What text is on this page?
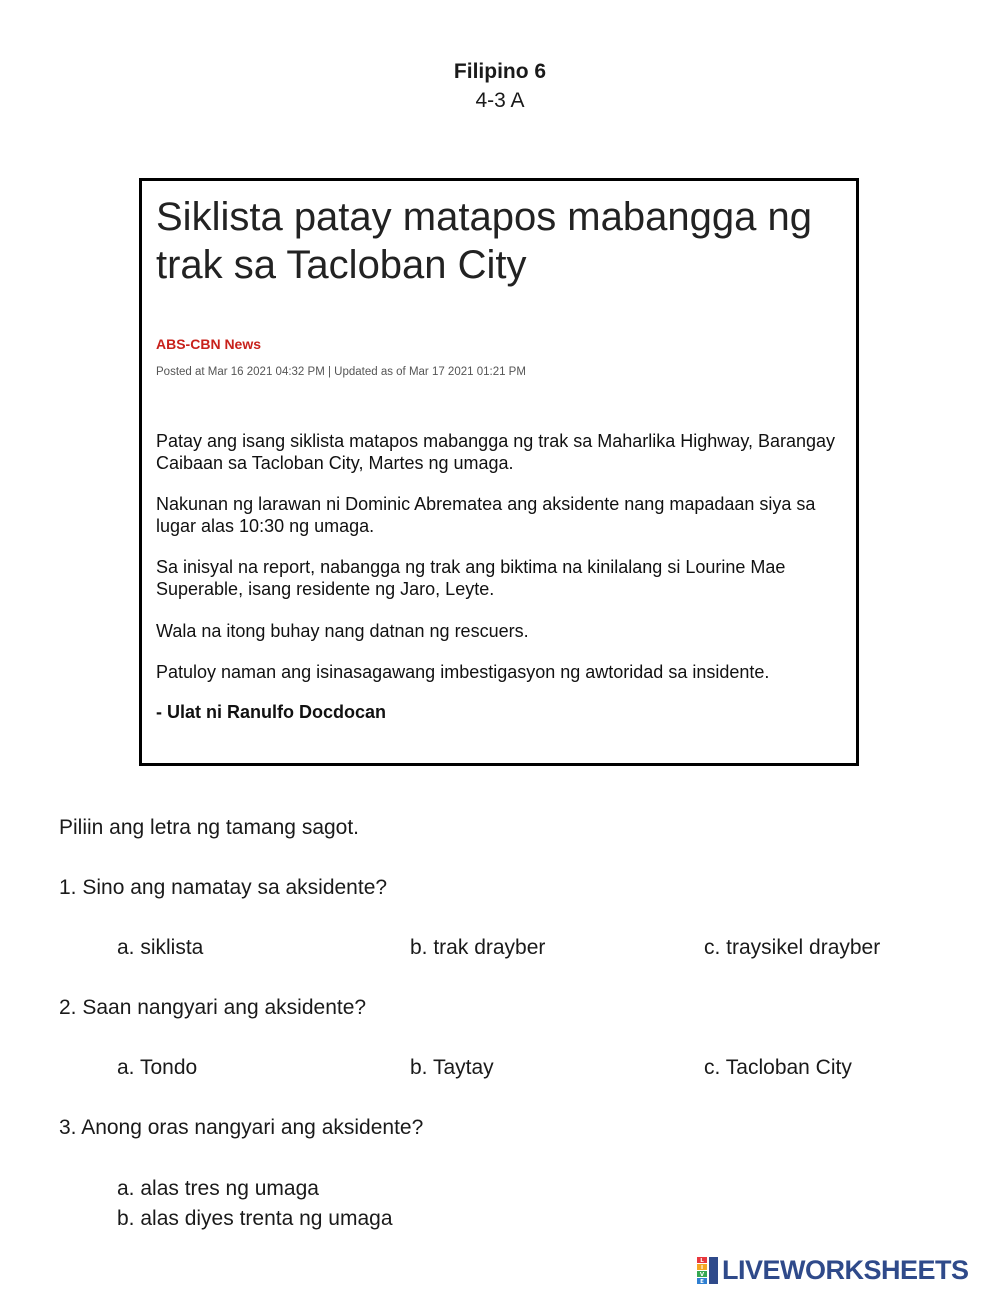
Filipino 6
4-3 A
Siklista patay matapos mabangga ng
trak sa Tacloban City
ABS-CBN News
Posted at Mar 16 2021 04:32 PM | Updated as of Mar 17 2021 01:21 PM

Patay ang isang siklista matapos mabangga ng trak sa Maharlika Highway, Barangay Caibaan sa Tacloban City, Martes ng umaga.

Nakunan ng larawan ni Dominic Abrematea ang aksidente nang mapadaan siya sa lugar alas 10:30 ng umaga.

Sa inisyal na report, nabangga ng trak ang biktima na kinilalang si Lourine Mae Superable, isang residente ng Jaro, Leyte.

Wala na itong buhay nang datnan ng rescuers.

Patuloy naman ang isinasagawang imbestigasyon ng awtoridad sa insidente.

- Ulat ni Ranulfo Docdocan

Piliin ang letra ng tamang sagot.
1. Sino ang namatay sa aksidente?
a. siklista	b. trak drayber	c. traysikel drayber
2. Saan nangyari ang aksidente?
a. Tondo	b. Taytay	c. Tacloban City
3. Anong oras nangyari ang aksidente?
a. alas tres ng umaga
b. alas diyes trenta ng umaga
L
I
V
E LIVEWORKSHEETS
